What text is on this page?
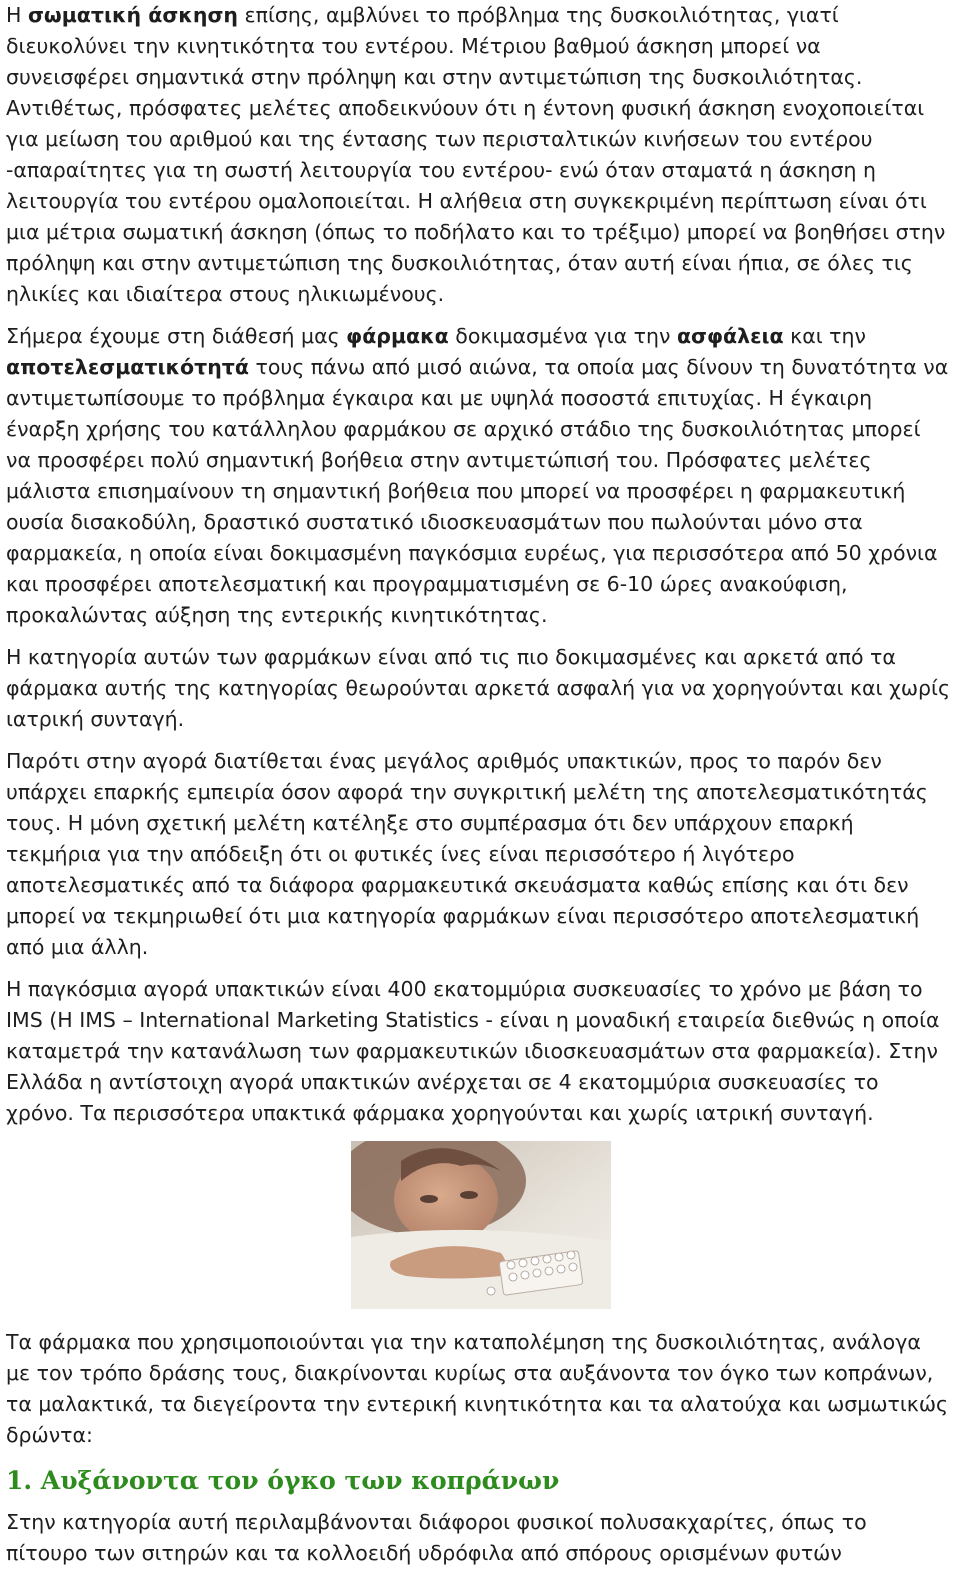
Η σωματική άσκηση επίσης, αμβλύνει το πρόβλημα της δυσκοιλιότητας, γιατί διευκολύνει την κινητικότητα του εντέρου. Μέτριου βαθμού άσκηση μπορεί να συνεισφέρει σημαντικά στην πρόληψη και στην αντιμετώπιση της δυσκοιλιότητας. Αντιθέτως, πρόσφατες μελέτες αποδεικνύουν ότι η έντονη φυσική άσκηση ενοχοποιείται για μείωση του αριθμού και της έντασης των περισταλτικών κινήσεων του εντέρου -απαραίτητες για τη σωστή λειτουργία του εντέρου- ενώ όταν σταματά η άσκηση η λειτουργία του εντέρου ομαλοποιείται. Η αλήθεια στη συγκεκριμένη περίπτωση είναι ότι μια μέτρια σωματική άσκηση (όπως το ποδήλατο και το τρέξιμο) μπορεί να βοηθήσει στην πρόληψη και στην αντιμετώπιση της δυσκοιλιότητας, όταν αυτή είναι ήπια, σε όλες τις ηλικίες και ιδιαίτερα στους ηλικιωμένους.

Σήμερα έχουμε στη διάθεσή μας φάρμακα δοκιμασμένα για την ασφάλεια και την αποτελεσματικότητά τους πάνω από μισό αιώνα, τα οποία μας δίνουν τη δυνατότητα να αντιμετωπίσουμε το πρόβλημα έγκαιρα και με υψηλά ποσοστά επιτυχίας. Η έγκαιρη έναρξη χρήσης του κατάλληλου φαρμάκου σε αρχικό στάδιο της δυσκοιλιότητας μπορεί να προσφέρει πολύ σημαντική βοήθεια στην αντιμετώπισή του. Πρόσφατες μελέτες μάλιστα επισημαίνουν τη σημαντική βοήθεια που μπορεί να προσφέρει η φαρμακευτική ουσία δισακοδύλη, δραστικό συστατικό ιδιοσκευασμάτων που πωλούνται μόνο στα φαρμακεία, η οποία είναι δοκιμασμένη παγκόσμια ευρέως, για περισσότερα από 50 χρόνια και προσφέρει αποτελεσματική και προγραμματισμένη σε 6-10 ώρες ανακούφιση, προκαλώντας αύξηση της εντερικής κινητικότητας.

Η κατηγορία αυτών των φαρμάκων είναι από τις πιο δοκιμασμένες και αρκετά από τα φάρμακα αυτής της κατηγορίας θεωρούνται αρκετά ασφαλή για να χορηγούνται και χωρίς ιατρική συνταγή.

Παρότι στην αγορά διατίθεται ένας μεγάλος αριθμός υπακτικών, προς το παρόν δεν υπάρχει επαρκής εμπειρία όσον αφορά την συγκριτική μελέτη της αποτελεσματικότητάς τους. Η μόνη σχετική μελέτη κατέληξε στο συμπέρασμα ότι δεν υπάρχουν επαρκή τεκμήρια για την απόδειξη ότι οι φυτικές ίνες είναι περισσότερο ή λιγότερο αποτελεσματικές από τα διάφορα φαρμακευτικά σκευάσματα καθώς επίσης και ότι δεν μπορεί να τεκμηριωθεί ότι μια κατηγορία φαρμάκων είναι περισσότερο αποτελεσματική από μια άλλη.

Η παγκόσμια αγορά υπακτικών είναι 400 εκατομμύρια συσκευασίες το χρόνο με βάση το IMS (Η IMS – International Marketing Statistics - είναι η μοναδική εταιρεία διεθνώς η οποία καταμετρά την κατανάλωση των φαρμακευτικών ιδιοσκευασμάτων στα φαρμακεία). Στην Ελλάδα η αντίστοιχη αγορά υπακτικών ανέρχεται σε 4 εκατομμύρια συσκευασίες το χρόνο. Τα περισσότερα υπακτικά φάρμακα χορηγούνται και χωρίς ιατρική συνταγή.

Τα φάρμακα που χρησιμοποιούνται για την καταπολέμηση της δυσκοιλιότητας, ανάλογα με τον τρόπο δράσης τους, διακρίνονται κυρίως στα αυξάνοντα τον όγκο των κοπράνων, τα μαλακτικά, τα διεγείροντα την εντερική κινητικότητα και τα αλατούχα και ωσμωτικώς δρώντα:

1. Αυξάνοντα τον όγκο των κοπράνων

Στην κατηγορία αυτή περιλαμβάνονται διάφοροι φυσικοί πολυσακχαρίτες, όπως το πίτουρο των σιτηρών και τα κολλοειδή υδρόφιλα από σπόρους ορισμένων φυτών
